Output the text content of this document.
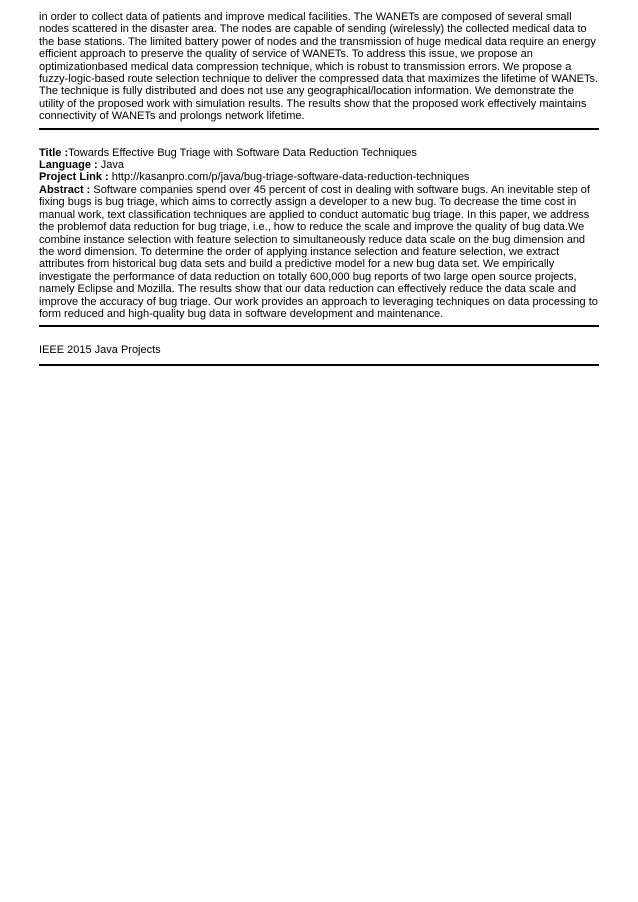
in order to collect data of patients and improve medical facilities. The WANETs are composed of several small nodes scattered in the disaster area. The nodes are capable of sending (wirelessly) the collected medical data to the base stations. The limited battery power of nodes and the transmission of huge medical data require an energy efficient approach to preserve the quality of service of WANETs. To address this issue, we propose an optimizationbased medical data compression technique, which is robust to transmission errors. We propose a fuzzy-logic-based route selection technique to deliver the compressed data that maximizes the lifetime of WANETs. The technique is fully distributed and does not use any geographical/location information. We demonstrate the utility of the proposed work with simulation results. The results show that the proposed work effectively maintains connectivity of WANETs and prolongs network lifetime.

Title :Towards Effective Bug Triage with Software Data Reduction Techniques

Language : Java

Project Link : http://kasanpro.com/p/java/bug-triage-software-data-reduction-techniques

Abstract : Software companies spend over 45 percent of cost in dealing with software bugs. An inevitable step of fixing bugs is bug triage, which aims to correctly assign a developer to a new bug. To decrease the time cost in manual work, text classification techniques are applied to conduct automatic bug triage. In this paper, we address the problemof data reduction for bug triage, i.e., how to reduce the scale and improve the quality of bug data.We combine instance selection with feature selection to simultaneously reduce data scale on the bug dimension and the word dimension. To determine the order of applying instance selection and feature selection, we extract attributes from historical bug data sets and build a predictive model for a new bug data set. We empirically investigate the performance of data reduction on totally 600,000 bug reports of two large open source projects, namely Eclipse and Mozilla. The results show that our data reduction can effectively reduce the data scale and improve the accuracy of bug triage. Our work provides an approach to leveraging techniques on data processing to form reduced and high-quality bug data in software development and maintenance.

IEEE 2015 Java Projects
